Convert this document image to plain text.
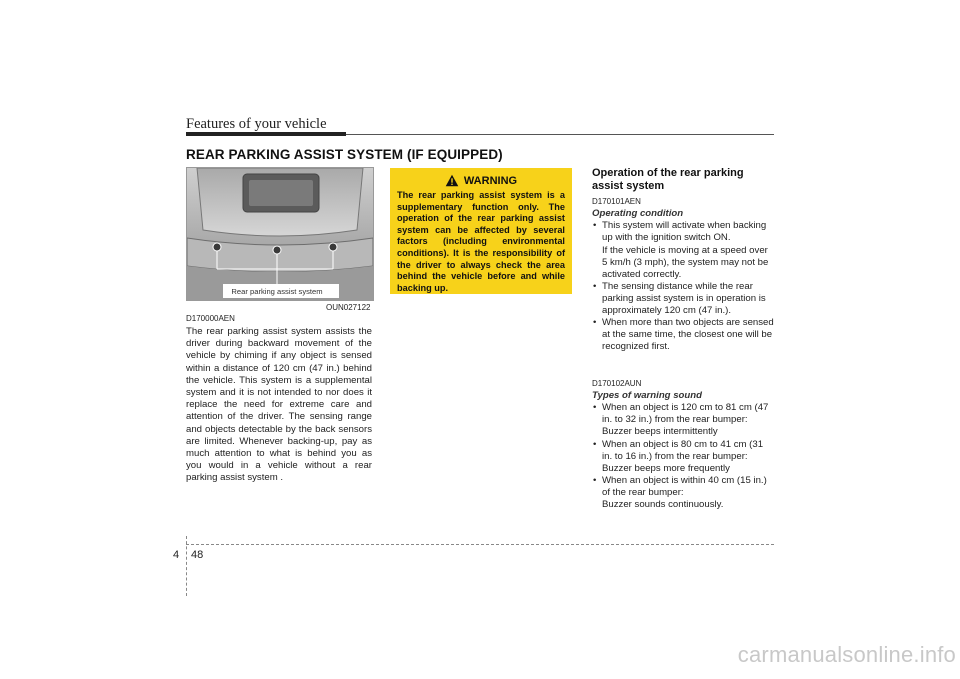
Features of your vehicle
REAR PARKING ASSIST SYSTEM (IF EQUIPPED)
Rear parking assist system
OUN027122

D170000AEN

The rear parking assist system assists the driver during backward movement of the vehicle by chiming if any object is sensed within a distance of 120 cm (47 in.) behind the vehicle. This system is a supplemental system and it is not intended to nor does it replace the need for extreme care and attention of the driver. The sensing range and objects detectable by the back sensors are limited. Whenever backing-up, pay as much attention to what is behind you as you would in a vehicle without a rear parking assist system .

WARNING

The rear parking assist system is a supplementary function only. The operation of the rear parking assist system can be affected by several factors (including environmental conditions). It is the responsibility of the driver to always check the area behind the vehicle before and while backing up.

Operation of the rear parking
assist system

D170101AEN

Operating condition

• This system will activate when backing up with the ignition switch ON.
If the vehicle is moving at a speed over 5 km/h (3 mph), the system may not be activated correctly.
• The sensing distance while the rear parking assist system is in operation is approximately 120 cm (47 in.).
• When more than two objects are sensed at the same time, the closest one will be recognized first.

D170102AUN

Types of warning sound

• When an object is 120 cm to 81 cm (47 in. to 32 in.) from the rear bumper:
Buzzer beeps intermittently
• When an object is 80 cm to 41 cm (31 in. to 16 in.) from the rear bumper:
Buzzer beeps more frequently
• When an object is within 40 cm (15 in.) of the rear bumper:
Buzzer sounds continuously.
4 48
carmanualsonline.info
